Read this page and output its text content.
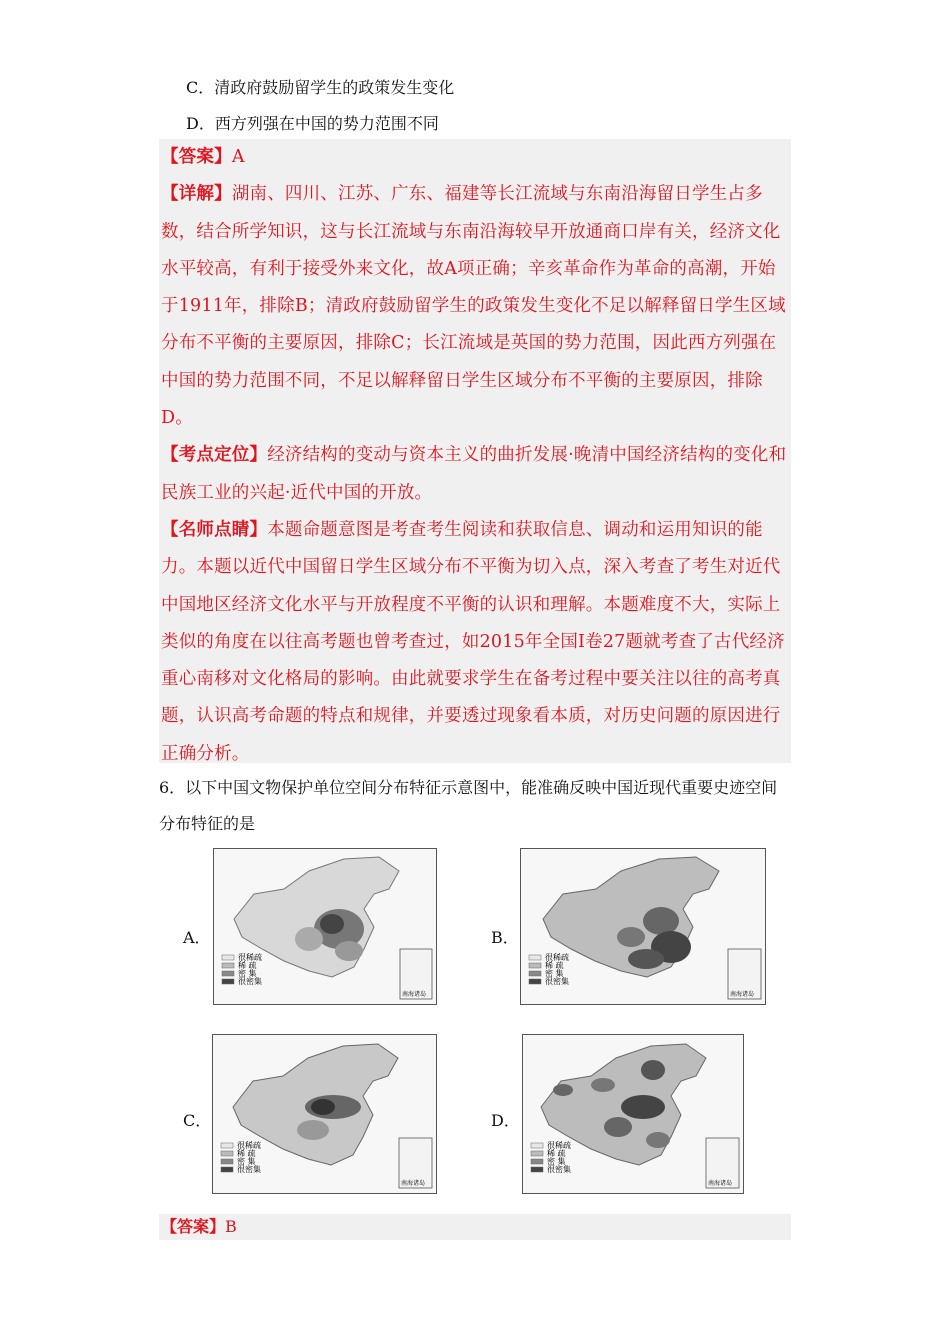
C．清政府鼓励留学生的政策发生变化
D．西方列强在中国的势力范围不同
【答案】A
【详解】湖南、四川、江苏、广东、福建等长江流域与东南沿海留日学生占多数，结合所学知识，这与长江流域与东南沿海较早开放通商口岸有关，经济文化水平较高，有利于接受外来文化，故A项正确；辛亥革命作为革命的高潮，开始于1911年，排除B；清政府鼓励留学生的政策发生变化不足以解释留日学生区域分布不平衡的主要原因，排除C；长江流域是英国的势力范围，因此西方列强在中国的势力范围不同，不足以解释留日学生区域分布不平衡的主要原因，排除D。
【考点定位】经济结构的变动与资本主义的曲折发展·晚清中国经济结构的变化和民族工业的兴起·近代中国的开放。
【名师点睛】本题命题意图是考查考生阅读和获取信息、调动和运用知识的能力。本题以近代中国留日学生区域分布不平衡为切入点，深入考查了考生对近代中国地区经济文化水平与开放程度不平衡的认识和理解。本题难度不大，实际上类似的角度在以往高考题也曾考查过，如2015年全国Ⅰ卷27题就考查了古代经济重心南移对文化格局的影响。由此就要求学生在备考过程中要关注以往的高考真题，认识高考命题的特点和规律，并要透过现象看本质，对历史问题的原因进行正确分析。
6．以下中国文物保护单位空间分布特征示意图中，能准确反映中国近现代重要史迹空间分布特征的是
A．	B．
C．	D．
很稀疏
稀 疏
密 集
很密集
南海诸岛
很稀疏
稀 疏
密 集
很密集
南海诸岛
很稀疏
稀 疏
密 集
很密集
南海诸岛
很稀疏
稀 疏
密 集
很密集
南海诸岛
【答案】B
